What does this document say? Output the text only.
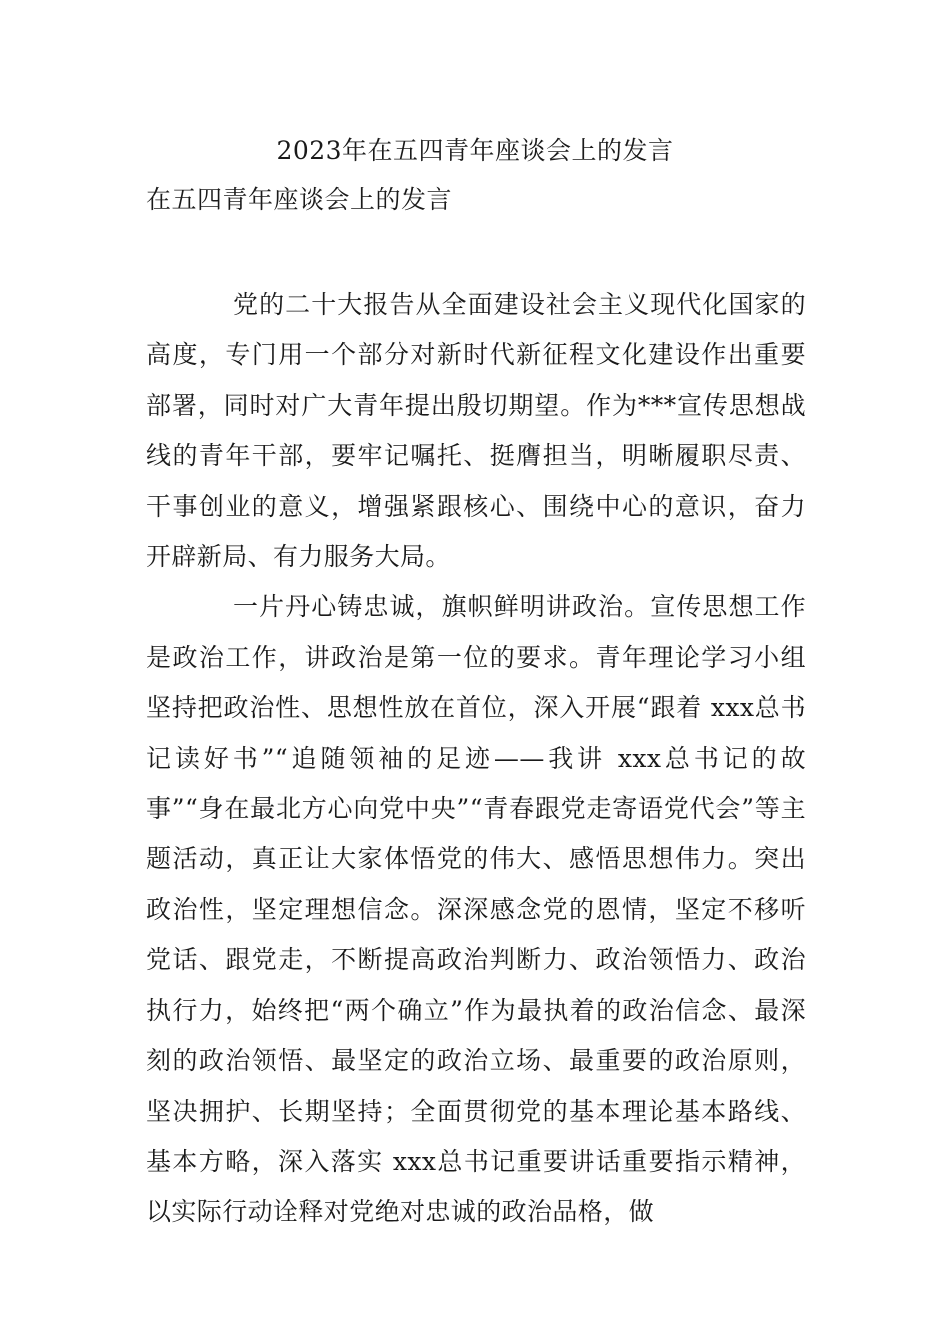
2023年在五四青年座谈会上的发言
在五四青年座谈会上的发言

党的二十大报告从全面建设社会主义现代化国家的高度，专门用一个部分对新时代新征程文化建设作出重要部署，同时对广大青年提出殷切期望。作为***宣传思想战线的青年干部，要牢记嘱托、挺膺担当，明晰履职尽责、干事创业的意义，增强紧跟核心、围绕中心的意识，奋力开辟新局、有力服务大局。

一片丹心铸忠诚，旗帜鲜明讲政治。宣传思想工作是政治工作，讲政治是第一位的要求。青年理论学习小组坚持把政治性、思想性放在首位，深入开展“跟着 xxx总书记读好书”“追随领袖的足迹——我讲 xxx总书记的故事”“身在最北方心向党中央”“青春跟党走寄语党代会”等主题活动，真正让大家体悟党的伟大、感悟思想伟力。突出政治性，坚定理想信念。深深感念党的恩情，坚定不移听党话、跟党走，不断提高政治判断力、政治领悟力、政治执行力，始终把“两个确立”作为最执着的政治信念、最深刻的政治领悟、最坚定的政治立场、最重要的政治原则，坚决拥护、长期坚持；全面贯彻党的基本理论基本路线、基本方略，深入落实 xxx总书记重要讲话重要指示精神，以实际行动诠释对党绝对忠诚的政治品格，做
